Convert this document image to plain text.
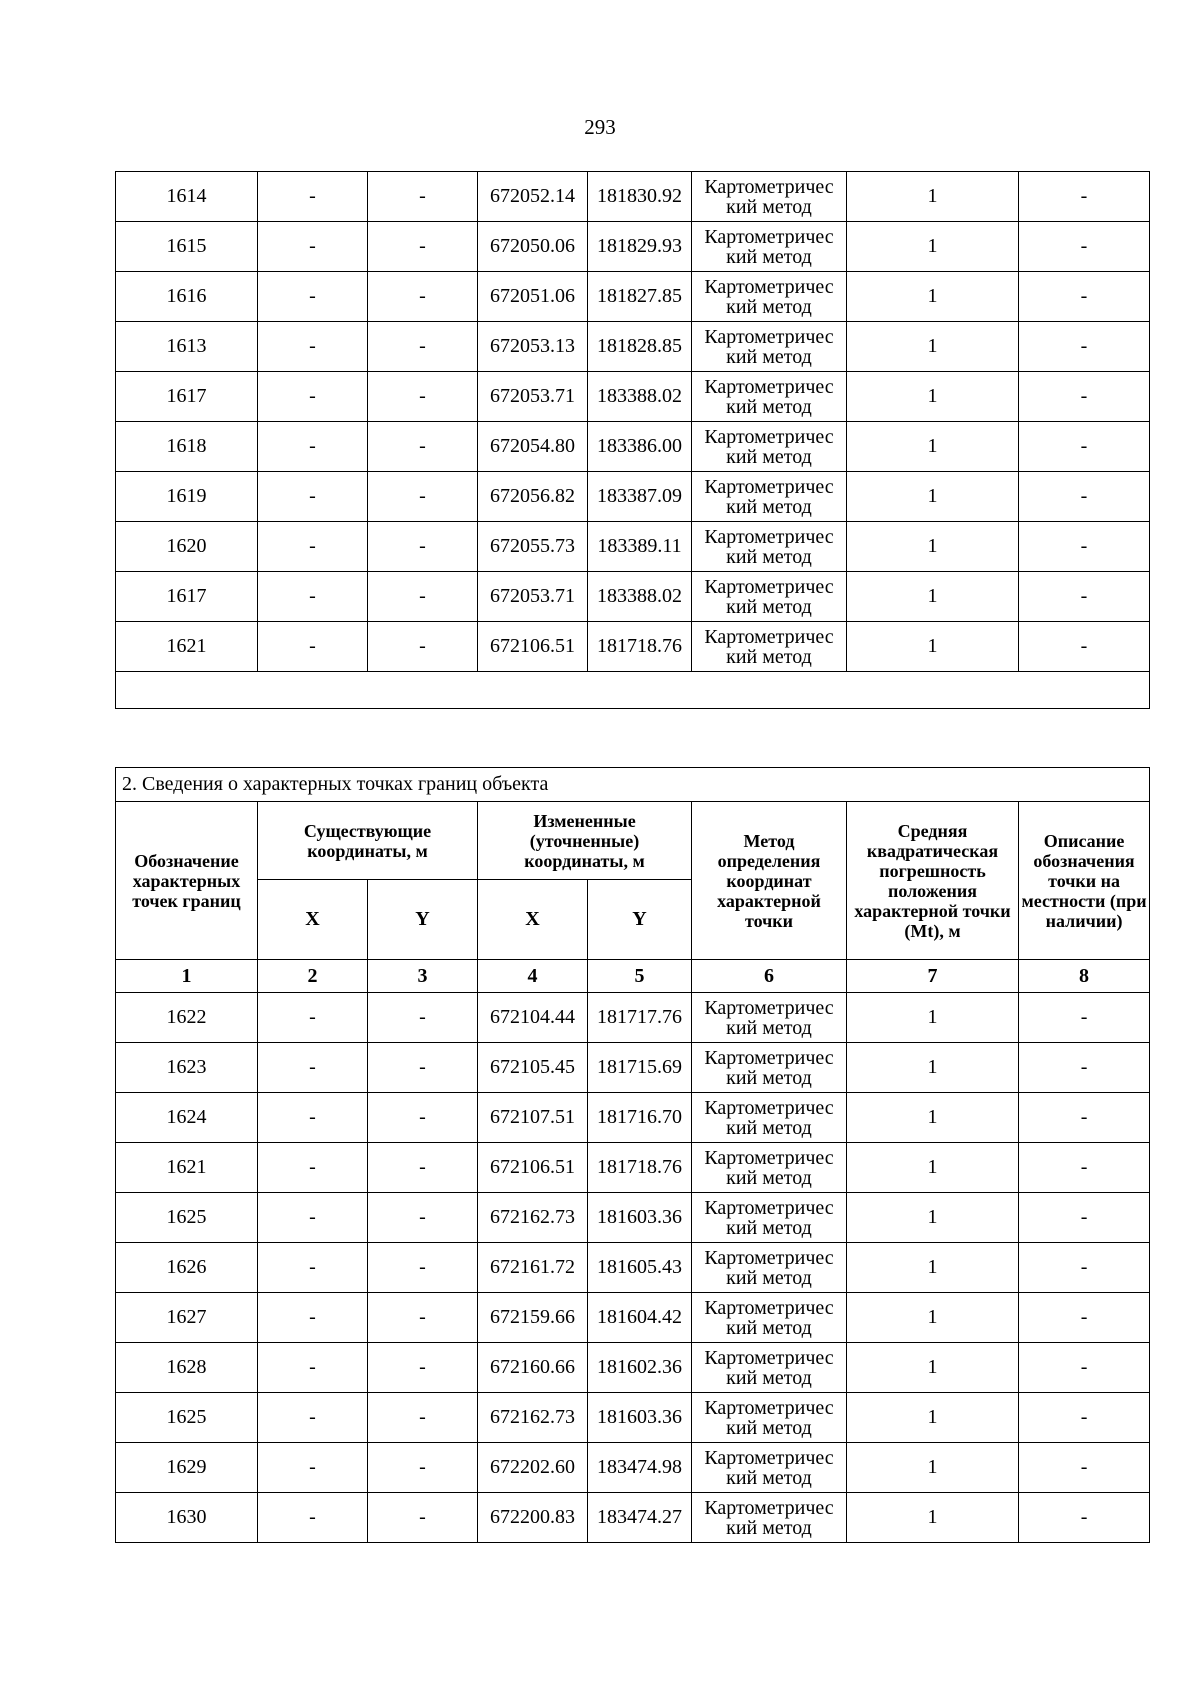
293
1614	-	-	672052.14	181830.92	Картометричес кий метод	1	-
1615	-	-	672050.06	181829.93	Картометричес кий метод	1	-
1616	-	-	672051.06	181827.85	Картометричес кий метод	1	-
1613	-	-	672053.13	181828.85	Картометричес кий метод	1	-
1617	-	-	672053.71	183388.02	Картометричес кий метод	1	-
1618	-	-	672054.80	183386.00	Картометричес кий метод	1	-
1619	-	-	672056.82	183387.09	Картометричес кий метод	1	-
1620	-	-	672055.73	183389.11	Картометричес кий метод	1	-
1617	-	-	672053.71	183388.02	Картометричес кий метод	1	-
1621	-	-	672106.51	181718.76	Картометричес кий метод	1	-

2. Сведения о характерных точках границ объекта							
Обозначение характерных точек границ	Существующие координаты, м		Измененные (уточненные) координаты, м		Метод определения координат характерной точки	Средняя квадратическая погрешность положения характерной точки (Mt), м	Описание обозначения точки на местности (при наличии)
	X	Y	X	Y			
1	2	3	4	5	6	7	8
1622	-	-	672104.44	181717.76	Картометричес кий метод	1	-
1623	-	-	672105.45	181715.69	Картометричес кий метод	1	-
1624	-	-	672107.51	181716.70	Картометричес кий метод	1	-
1621	-	-	672106.51	181718.76	Картометричес кий метод	1	-
1625	-	-	672162.73	181603.36	Картометричес кий метод	1	-
1626	-	-	672161.72	181605.43	Картометричес кий метод	1	-
1627	-	-	672159.66	181604.42	Картометричес кий метод	1	-
1628	-	-	672160.66	181602.36	Картометричес кий метод	1	-
1625	-	-	672162.73	181603.36	Картометричес кий метод	1	-
1629	-	-	672202.60	183474.98	Картометричес кий метод	1	-
1630	-	-	672200.83	183474.27	Картометричес кий метод	1	-
